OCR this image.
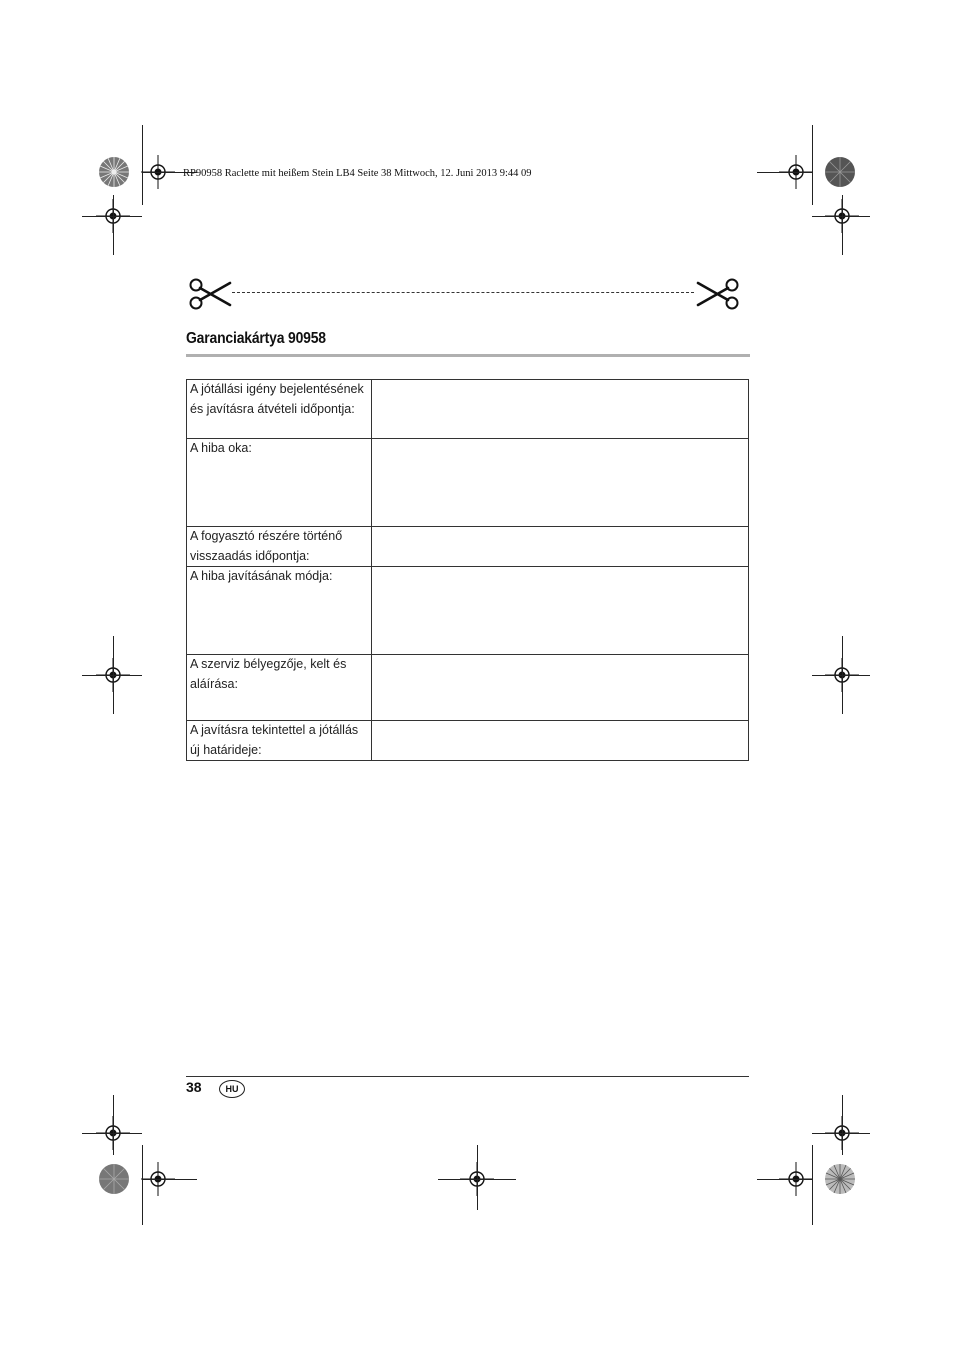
RP90958 Raclette mit heißem Stein LB4 Seite 38 Mittwoch, 12. Juni 2013 9:44 09
Garanciakártya 90958
A jótállási igény bejelentésének és javításra átvételi időpontja:	
A hiba oka:	
A fogyasztó részére történő visszaadás időpontja:	
A hiba javításának módja:	
A szerviz bélyegzője, kelt és aláírása:	
A javításra tekintettel a jótállás új határideje:	
38	HU
